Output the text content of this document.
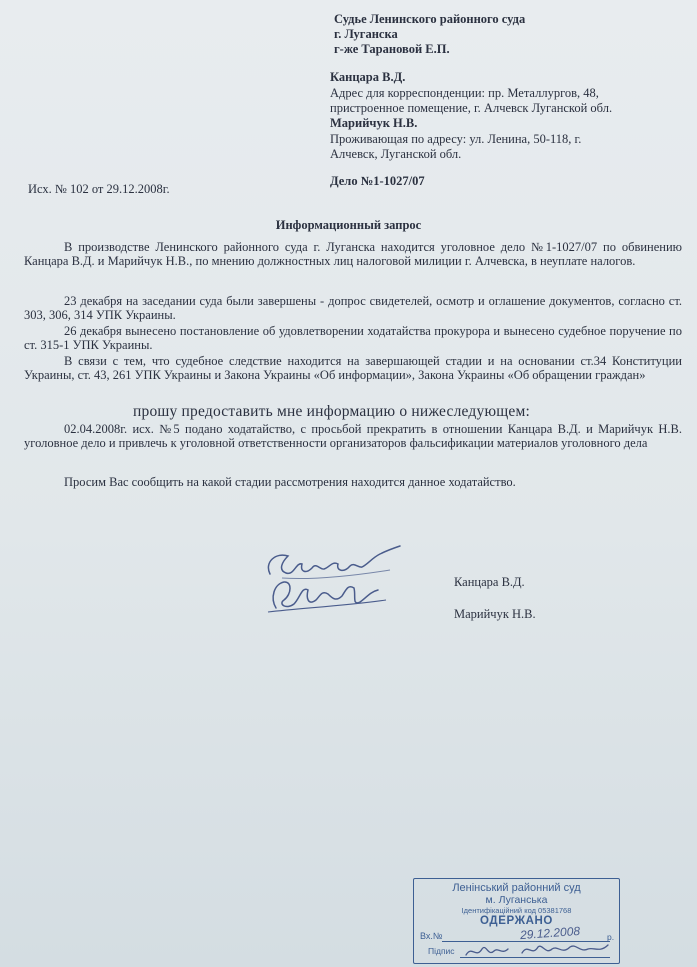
Судье Ленинского районного суда
г. Луганска
г-же Тарановой Е.П.
Канцара В.Д.
Адрес для корреспонденции: пр. Металлургов, 48,
пристроенное помещение, г. Алчевск Луганской обл.
Марийчук Н.В.
Проживающая по адресу: ул. Ленина, 50-118, г.
Алчевск, Луганской обл.
Дело №1-1027/07
Исх. № 102 от 29.12.2008г.
Информационный запрос
В производстве Ленинского районного суда г. Луганска находится уголовное дело №1-1027/07 по обвинению Канцара В.Д. и Марийчук Н.В., по мнению должностных лиц налоговой милиции г. Алчевска, в неуплате налогов.
23 декабря на заседании суда были завершены - допрос свидетелей, осмотр и оглашение документов, согласно ст. 303, 306, 314 УПК Украины.
26 декабря вынесено постановление об удовлетворении ходатайства прокурора и вынесено судебное поручение по ст. 315-1 УПК Украины.
В связи с тем, что судебное следствие находится на завершающей стадии и на основании ст.34 Конституции Украины, ст. 43, 261 УПК Украины и Закона Украины «Об информации», Закона Украины «Об обращении граждан»
прошу предоставить мне информацию о нижеследующем:
02.04.2008г. исх. №5 подано ходатайство, с просьбой прекратить в отношении Канцара В.Д. и Марийчук Н.В. уголовное дело и привлечь к уголовной ответственности организаторов фальсификации материалов уголовного дела
Просим Вас сообщить на какой стадии рассмотрения находится данное ходатайство.
Канцара В.Д.
Марийчук Н.В.
Ленінський районний суд
м. Луганська
Ідентифікаційний код 05381768
ОДЕРЖАНО
Вх.№	29.12.2008	р.
Підпис
